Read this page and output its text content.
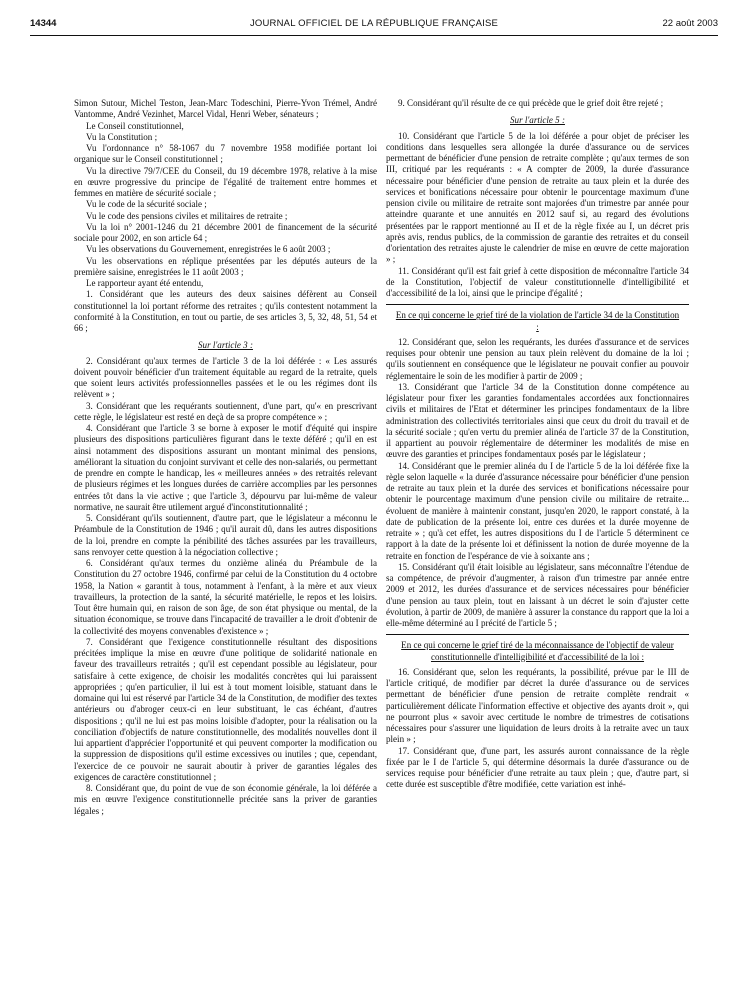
14344	JOURNAL OFFICIEL DE LA RÉPUBLIQUE FRANÇAISE	22 août 2003

Simon Sutour, Michel Teston, Jean-Marc Todeschini, Pierre-Yvon Trémel, André Vantomme, André Vezinhet, Marcel Vidal, Henri Weber, sénateurs ;

Le Conseil constitutionnel,

Vu la Constitution ;

Vu l'ordonnance n° 58-1067 du 7 novembre 1958 modifiée portant loi organique sur le Conseil constitutionnel ;

Vu la directive 79/7/CEE du Conseil, du 19 décembre 1978, relative à la mise en œuvre progressive du principe de l'égalité de traitement entre hommes et femmes en matière de sécurité sociale ;

Vu le code de la sécurité sociale ;

Vu le code des pensions civiles et militaires de retraite ;

Vu la loi n° 2001-1246 du 21 décembre 2001 de financement de la sécurité sociale pour 2002, en son article 64 ;

Vu les observations du Gouvernement, enregistrées le 6 août 2003 ;

Vu les observations en réplique présentées par les députés auteurs de la première saisine, enregistrées le 11 août 2003 ;

Le rapporteur ayant été entendu,

1. Considérant que les auteurs des deux saisines défèrent au Conseil constitutionnel la loi portant réforme des retraites ; qu'ils contestent notamment la conformité à la Constitution, en tout ou partie, de ses articles 3, 5, 32, 48, 51, 54 et 66 ;

Sur l'article 3 :

2. Considérant qu'aux termes de l'article 3 de la loi déférée : « Les assurés doivent pouvoir bénéficier d'un traitement équitable au regard de la retraite, quels que soient leurs activités professionnelles passées et le ou les régimes dont ils relèvent » ;

3. Considérant que les requérants soutiennent, d'une part, qu'« en prescrivant cette règle, le législateur est resté en deçà de sa propre compétence » ;

4. Considérant que l'article 3 se borne à exposer le motif d'équité qui inspire plusieurs des dispositions particulières figurant dans le texte déféré ; qu'il en est ainsi notamment des dispositions assurant un montant minimal des pensions, améliorant la situation du conjoint survivant et celle des non-salariés, ou permettant de prendre en compte le handicap, les « meilleures années » des retraités relevant de plusieurs régimes et les longues durées de carrière accomplies par les personnes entrées tôt dans la vie active ; que l'article 3, dépourvu par lui-même de valeur normative, ne saurait être utilement argué d'inconstitutionnalité ;

5. Considérant qu'ils soutiennent, d'autre part, que le législateur a méconnu le Préambule de la Constitution de 1946 ; qu'il aurait dû, dans les autres dispositions de la loi, prendre en compte la pénibilité des tâches assurées par les travailleurs, sans renvoyer cette question à la négociation collective ;

6. Considérant qu'aux termes du onzième alinéa du Préambule de la Constitution du 27 octobre 1946, confirmé par celui de la Constitution du 4 octobre 1958, la Nation « garantit à tous, notamment à l'enfant, à la mère et aux vieux travailleurs, la protection de la santé, la sécurité matérielle, le repos et les loisirs. Tout être humain qui, en raison de son âge, de son état physique ou mental, de la situation économique, se trouve dans l'incapacité de travailler a le droit d'obtenir de la collectivité des moyens convenables d'existence » ;

7. Considérant que l'exigence constitutionnelle résultant des dispositions précitées implique la mise en œuvre d'une politique de solidarité nationale en faveur des travailleurs retraités ; qu'il est cependant possible au législateur, pour satisfaire à cette exigence, de choisir les modalités concrètes qui lui paraissent appropriées ; qu'en particulier, il lui est à tout moment loisible, statuant dans le domaine qui lui est réservé par l'article 34 de la Constitution, de modifier des textes antérieurs ou d'abroger ceux-ci en leur substituant, le cas échéant, d'autres dispositions ; qu'il ne lui est pas moins loisible d'adopter, pour la réalisation ou la conciliation d'objectifs de nature constitutionnelle, des modalités nouvelles dont il lui appartient d'apprécier l'opportunité et qui peuvent comporter la modification ou la suppression de dispositions qu'il estime excessives ou inutiles ; que, cependant, l'exercice de ce pouvoir ne saurait aboutir à priver de garanties légales des exigences de caractère constitutionnel ;

8. Considérant que, du point de vue de son économie générale, la loi déférée a mis en œuvre l'exigence constitutionnelle précitée sans la priver de garanties légales ;

9. Considérant qu'il résulte de ce qui précède que le grief doit être rejeté ;

Sur l'article 5 :

10. Considérant que l'article 5 de la loi déférée a pour objet de préciser les conditions dans lesquelles sera allongée la durée d'assurance ou de services permettant de bénéficier d'une pension de retraite complète ; qu'aux termes de son III, critiqué par les requérants : « A compter de 2009, la durée d'assurance nécessaire pour bénéficier d'une pension de retraite au taux plein et la durée des services et bonifications nécessaire pour obtenir le pourcentage maximum d'une pension civile ou militaire de retraite sont majorées d'un trimestre par année pour atteindre quarante et une annuités en 2012 sauf si, au regard des évolutions présentées par le rapport mentionné au II et de la règle fixée au I, un décret pris après avis, rendus publics, de la commission de garantie des retraites et du conseil d'orientation des retraites ajuste le calendrier de mise en œuvre de cette majoration » ;

11. Considérant qu'il est fait grief à cette disposition de méconnaître l'article 34 de la Constitution, l'objectif de valeur constitutionnelle d'intelligibilité et d'accessibilité de la loi, ainsi que le principe d'égalité ;

En ce qui concerne le grief tiré de la violation de l'article 34 de la Constitution :

12. Considérant que, selon les requérants, les durées d'assurance et de services requises pour obtenir une pension au taux plein relèvent du domaine de la loi ; qu'ils soutiennent en conséquence que le législateur ne pouvait confier au pouvoir réglementaire le soin de les modifier à partir de 2009 ;

13. Considérant que l'article 34 de la Constitution donne compétence au législateur pour fixer les garanties fondamentales accordées aux fonctionnaires civils et militaires de l'Etat et déterminer les principes fondamentaux de la libre administration des collectivités territoriales ainsi que ceux du droit du travail et de la sécurité sociale ; qu'en vertu du premier alinéa de l'article 37 de la Constitution, il appartient au pouvoir réglementaire de déterminer les modalités de mise en œuvre des garanties et principes fondamentaux posés par le législateur ;

14. Considérant que le premier alinéa du I de l'article 5 de la loi déférée fixe la règle selon laquelle « la durée d'assurance nécessaire pour bénéficier d'une pension de retraite au taux plein et la durée des services et bonifications nécessaire pour obtenir le pourcentage maximum d'une pension civile ou militaire de retraite... évoluent de manière à maintenir constant, jusqu'en 2020, le rapport constaté, à la date de publication de la présente loi, entre ces durées et la durée moyenne de retraite » ; qu'à cet effet, les autres dispositions du I de l'article 5 déterminent ce rapport à la date de la présente loi et définissent la notion de durée moyenne de la retraite en fonction de l'espérance de vie à soixante ans ;

15. Considérant qu'il était loisible au législateur, sans méconnaître l'étendue de sa compétence, de prévoir d'augmenter, à raison d'un trimestre par année entre 2009 et 2012, les durées d'assurance et de services nécessaires pour bénéficier d'une pension au taux plein, tout en laissant à un décret le soin d'ajuster cette évolution, à partir de 2009, de manière à assurer la constance du rapport que la loi a elle-même déterminé au I précité de l'article 5 ;

En ce qui concerne le grief tiré de la méconnaissance de l'objectif de valeur constitutionnelle d'intelligibilité et d'accessibilité de la loi :

16. Considérant que, selon les requérants, la possibilité, prévue par le III de l'article critiqué, de modifier par décret la durée d'assurance ou de services permettant de bénéficier d'une pension de retraite complète rendrait « particulièrement délicate l'information effective et objective des ayants droit », qui ne pourront plus « savoir avec certitude le nombre de trimestres de cotisations nécessaires pour s'assurer une liquidation de leurs droits à la retraite avec un taux plein » ;

17. Considérant que, d'une part, les assurés auront connaissance de la règle fixée par le I de l'article 5, qui détermine désormais la durée d'assurance ou de services requise pour bénéficier d'une retraite au taux plein ; que, d'autre part, si cette durée est susceptible d'être modifiée, cette variation est inhé-
